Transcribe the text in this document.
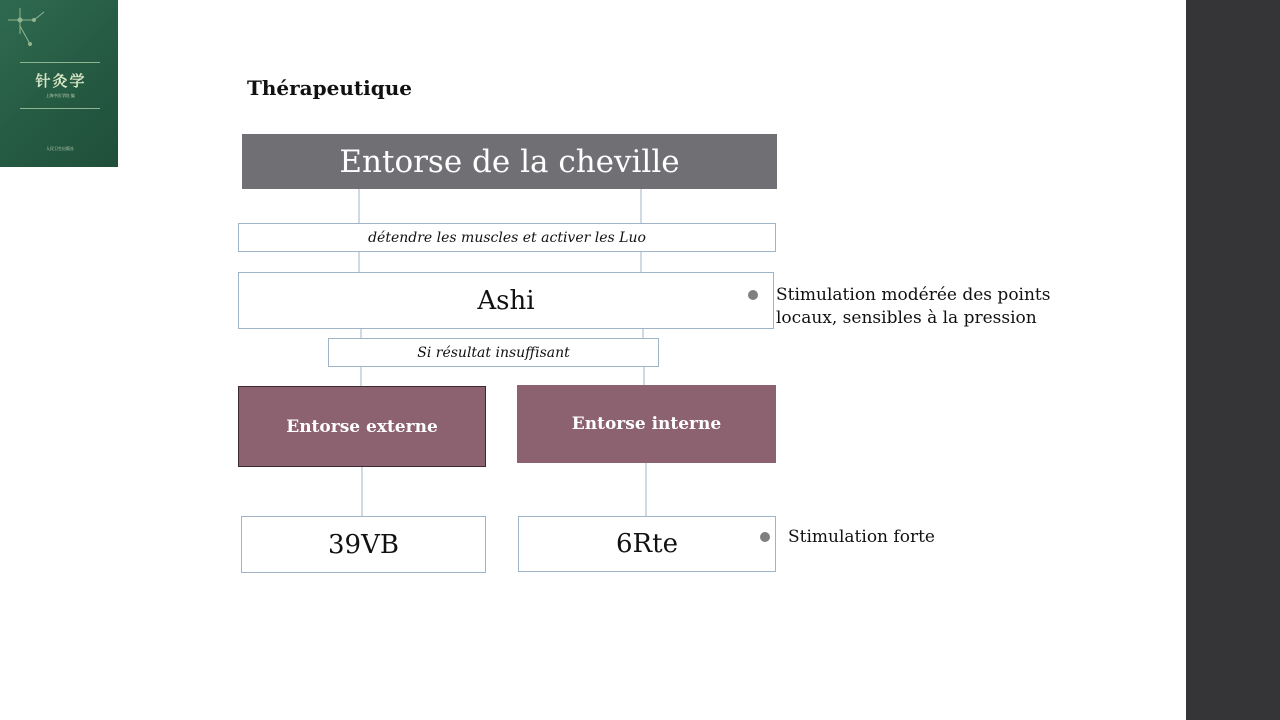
针灸学
上海中医学院 编
人民卫生出版社
Thérapeutique
Entorse de la cheville
détendre les muscles et activer les Luo
Ashi
Si résultat insuffisant
Entorse externe	Entorse interne
39VB	6Rte
Stimulation modérée des points
locaux, sensibles à la pression
Stimulation forte
